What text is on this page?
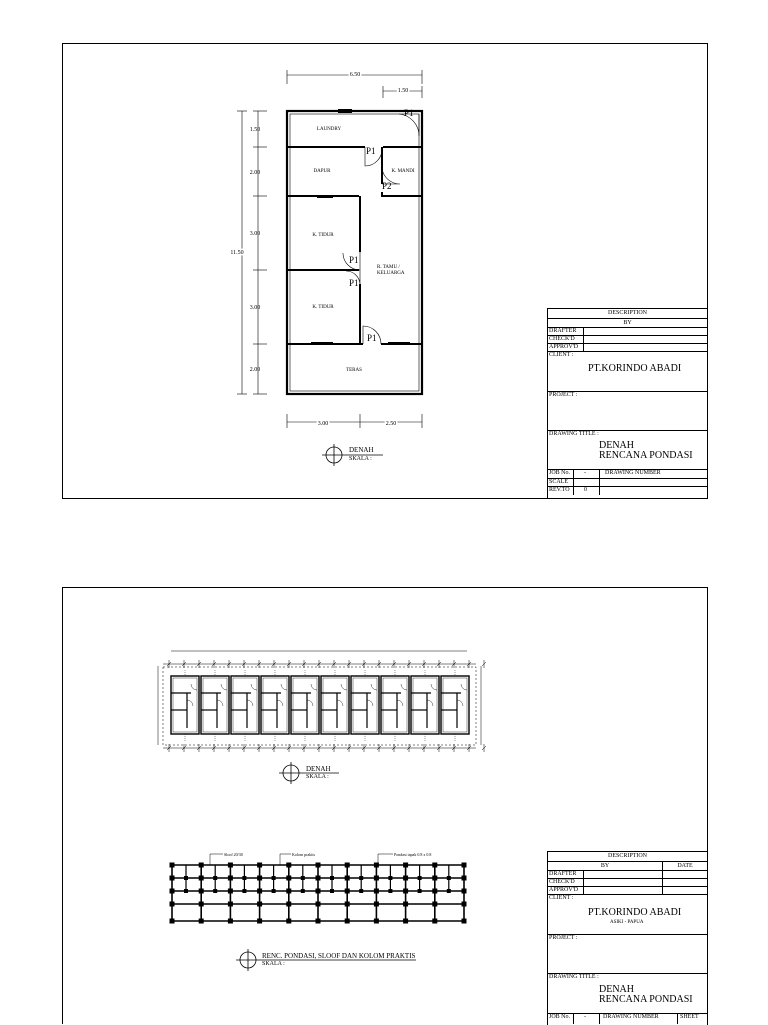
6.50
1.50
11.50
1.50
2.00
3.00
3.00
2.00
LAUNDRY
DAPUR	K. MANDI
K. TIDUR
R. TAMU /
KELUARGA
K. TIDUR
TERAS
P1
P1
P2
P1
P1
P1
3.00	2.50
DENAH
SKALA :
DESCRIPTION
BY
DRAFTER
CHECK'D
APPROV'D
CLIENT :
PT.KORINDO ABADI
PROJECT :
DRAWING TITLE :
DENAH
RENCANA PONDASI
JOB No. -	DRAWING NUMBER
SCALE
REV.TO 0
DENAH
SKALA :
Sloof 20/30	Kolom praktis	Pondasi tapak 0.8 x 0.8
RENC. PONDASI, SLOOF DAN KOLOM PRAKTIS
SKALA :
DESCRIPTION
BY	DATE
DRAFTER
CHECK'D
APPROV'D
CLIENT :
PT.KORINDO ABADI
ASIKI - PAPUA
PROJECT :
DRAWING TITLE :
DENAH
RENCANA PONDASI
JOB No. -	DRAWING NUMBER	SHEET
